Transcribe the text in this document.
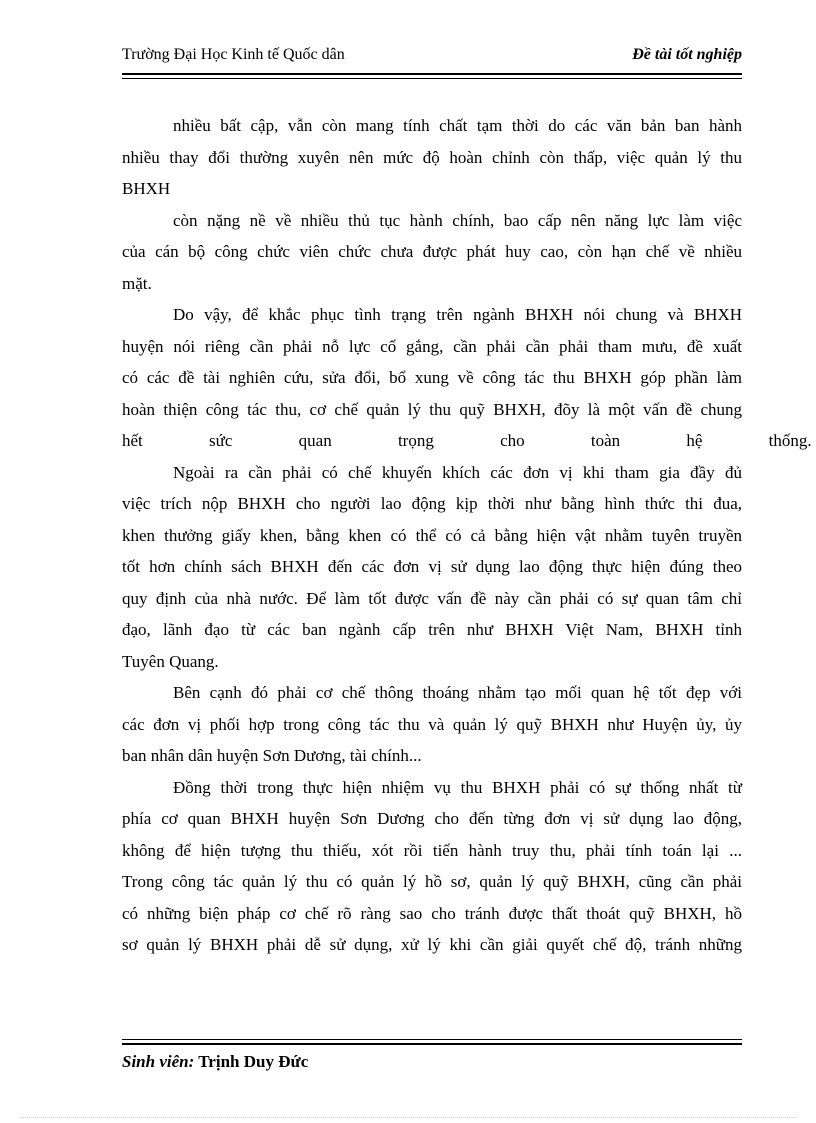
Trường Đại Học Kinh tế Quốc dân	Đề tài tốt nghiệp
nhiều bất cập, vẫn còn mang tính chất tạm thời do các văn bản ban hành
nhiều thay đổi thường xuyên nên mức độ hoàn chỉnh còn thấp, việc quản lý thu
BHXH
còn nặng nề về nhiều thủ tục hành chính, bao cấp nên năng lực làm việc
của cán bộ công chức viên chức chưa được phát huy cao, còn hạn chế về nhiều
mặt.
Do vậy, để khắc phục tình trạng trên ngành BHXH nói chung và BHXH
huyện nói riêng cần phải nỗ lực cố gắng, cần phải cần phải tham mưu, đề xuất
có các đề tài nghiên cứu, sửa đổi, bổ xung về công tác thu BHXH góp phần làm
hoàn thiện công tác thu, cơ chế quản lý thu quỹ BHXH, đõy là một vấn đề chung
hết sức quan trọng cho toàn hệ thống.
Ngoài ra cần phải có chế khuyến khích các đơn vị khi tham gia đầy đủ
việc trích nộp BHXH cho người lao động kịp thời như bằng hình thức thi đua,
khen thưởng giấy khen, bằng khen có thể có cả bằng hiện vật nhằm tuyên truyền
tốt hơn chính sách BHXH đến các đơn vị sử dụng lao động thực hiện đúng theo
quy định của nhà nước. Để làm tốt được vấn đề này cần phải có sự quan tâm chỉ
đạo, lãnh đạo từ các ban ngành cấp trên như BHXH Việt Nam, BHXH tỉnh
Tuyên Quang.
Bên cạnh đó phải cơ chế thông thoáng nhằm tạo mối quan hệ tốt đẹp với
các đơn vị phối hợp trong công tác thu và quản lý quỹ BHXH như Huyện ủy, ủy
ban nhân dân huyện Sơn Dương, tài chính...
Đồng thời trong thực hiện nhiệm vụ thu BHXH phải có sự thống nhất từ
phía cơ quan BHXH huyện Sơn Dương cho đến từng đơn vị sử dụng lao động,
không để hiện tượng thu thiếu, xót rồi tiến hành truy thu, phải tính toán lại ...
Trong công tác quản lý thu có quản lý hồ sơ, quản lý quỹ BHXH, cũng cần phải
có những biện pháp cơ chế rõ ràng sao cho tránh được thất thoát quỹ BHXH, hồ
sơ quản lý BHXH phải dễ sử dụng, xử lý khi cần giải quyết chế độ, tránh những
Sinh viên: Trịnh Duy Đức
